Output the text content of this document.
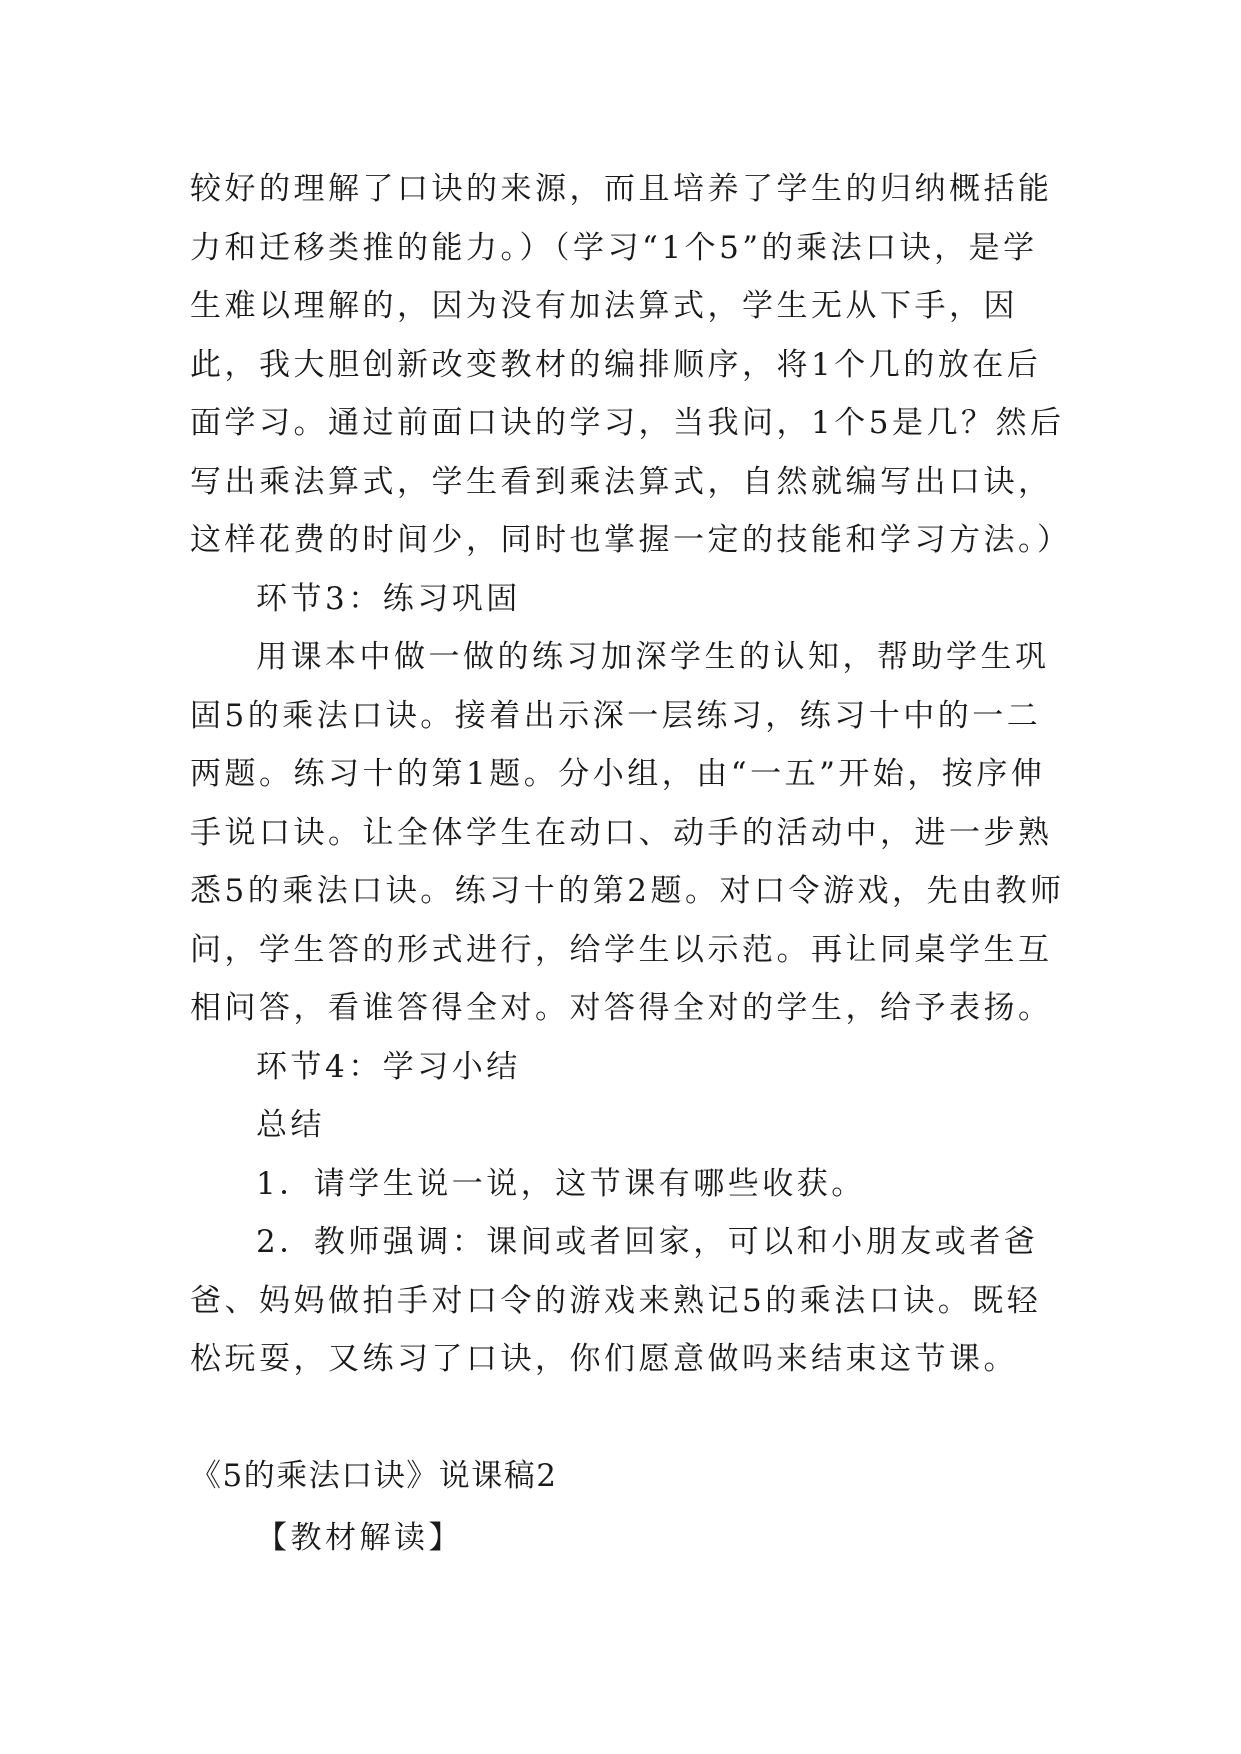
较好的理解了口诀的来源，而且培养了学生的归纳概括能力和迁移类推的能力。）（学习“1个5”的乘法口诀，是学生难以理解的，因为没有加法算式，学生无从下手，因此，我大胆创新改变教材的编排顺序，将1个几的放在后面学习。通过前面口诀的学习，当我问，1个5是几？然后写出乘法算式，学生看到乘法算式，自然就编写出口诀，这样花费的时间少，同时也掌握一定的技能和学习方法。）

环节3：练习巩固

用课本中做一做的练习加深学生的认知，帮助学生巩固5的乘法口诀。接着出示深一层练习，练习十中的一二两题。练习十的第1题。分小组，由“一五”开始，按序伸手说口诀。让全体学生在动口、动手的活动中，进一步熟悉5的乘法口诀。练习十的第2题。对口令游戏，先由教师问，学生答的形式进行，给学生以示范。再让同桌学生互相问答，看谁答得全对。对答得全对的学生，给予表扬。

环节4：学习小结

总结

1．请学生说一说，这节课有哪些收获。

2．教师强调：课间或者回家，可以和小朋友或者爸爸、妈妈做拍手对口令的游戏来熟记5的乘法口诀。既轻松玩耍，又练习了口诀，你们愿意做吗来结束这节课。

《5的乘法口诀》说课稿2

【教材解读】
